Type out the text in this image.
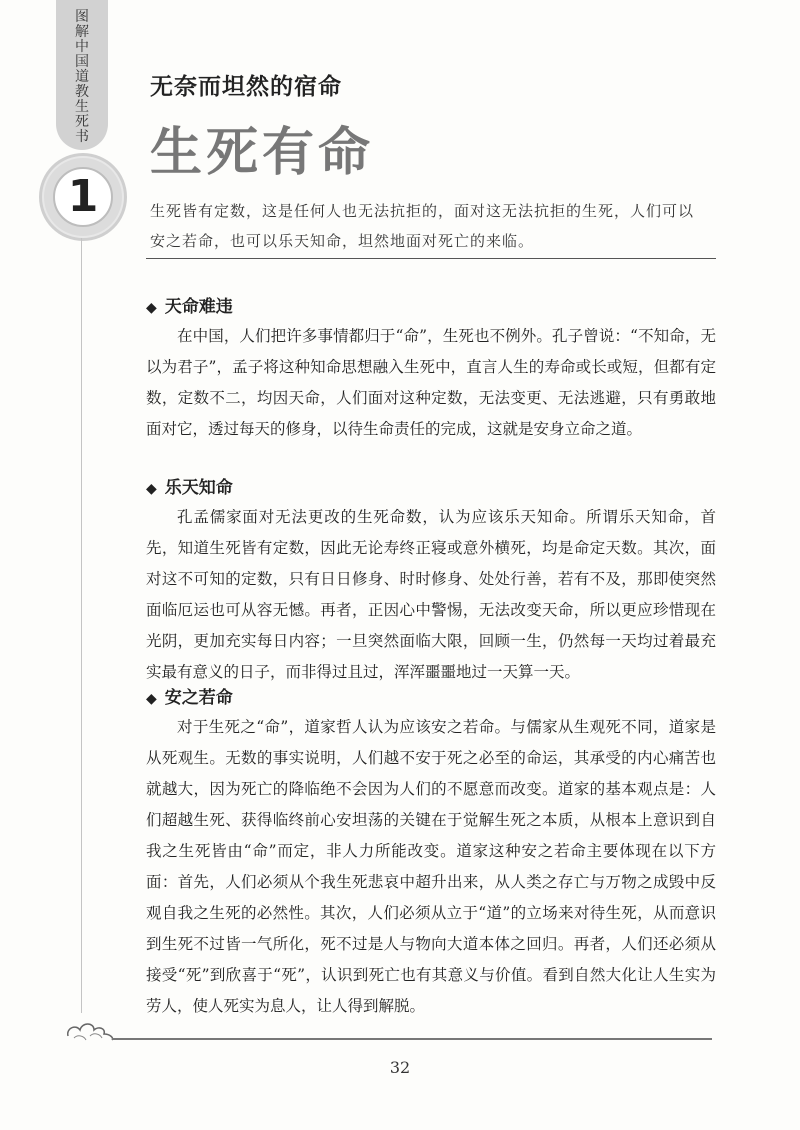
图
解
中
国
道
教
生
死
书
1
无奈而坦然的宿命
生死有命
生死皆有定数，这是任何人也无法抗拒的，面对这无法抗拒的生死，人们可以
安之若命，也可以乐天知命，坦然地面对死亡的来临。
◆ 天命难违

在中国，人们把许多事情都归于“命”，生死也不例外。孔子曾说：“不知命，无以为君子”，孟子将这种知命思想融入生死中，直言人生的寿命或长或短，但都有定数，定数不二，均因天命，人们面对这种定数，无法变更、无法逃避，只有勇敢地面对它，透过每天的修身，以待生命责任的完成，这就是安身立命之道。

◆ 乐天知命

孔孟儒家面对无法更改的生死命数，认为应该乐天知命。所谓乐天知命，首先，知道生死皆有定数，因此无论寿终正寝或意外横死，均是命定天数。其次，面对这不可知的定数，只有日日修身、时时修身、处处行善，若有不及，那即使突然面临厄运也可从容无憾。再者，正因心中警惕，无法改变天命，所以更应珍惜现在光阴，更加充实每日内容；一旦突然面临大限，回顾一生，仍然每一天均过着最充实最有意义的日子，而非得过且过，浑浑噩噩地过一天算一天。

◆ 安之若命

对于生死之“命”，道家哲人认为应该安之若命。与儒家从生观死不同，道家是从死观生。无数的事实说明，人们越不安于死之必至的命运，其承受的内心痛苦也就越大，因为死亡的降临绝不会因为人们的不愿意而改变。道家的基本观点是：人们超越生死、获得临终前心安坦荡的关键在于觉解生死之本质，从根本上意识到自我之生死皆由“命”而定，非人力所能改变。道家这种安之若命主要体现在以下方面：首先，人们必须从个我生死悲哀中超升出来，从人类之存亡与万物之成毁中反观自我之生死的必然性。其次，人们必须从立于“道”的立场来对待生死，从而意识到生死不过皆一气所化，死不过是人与物向大道本体之回归。再者，人们还必须从接受“死”到欣喜于“死”，认识到死亡也有其意义与价值。看到自然大化让人生实为劳人，使人死实为息人，让人得到解脱。

32
